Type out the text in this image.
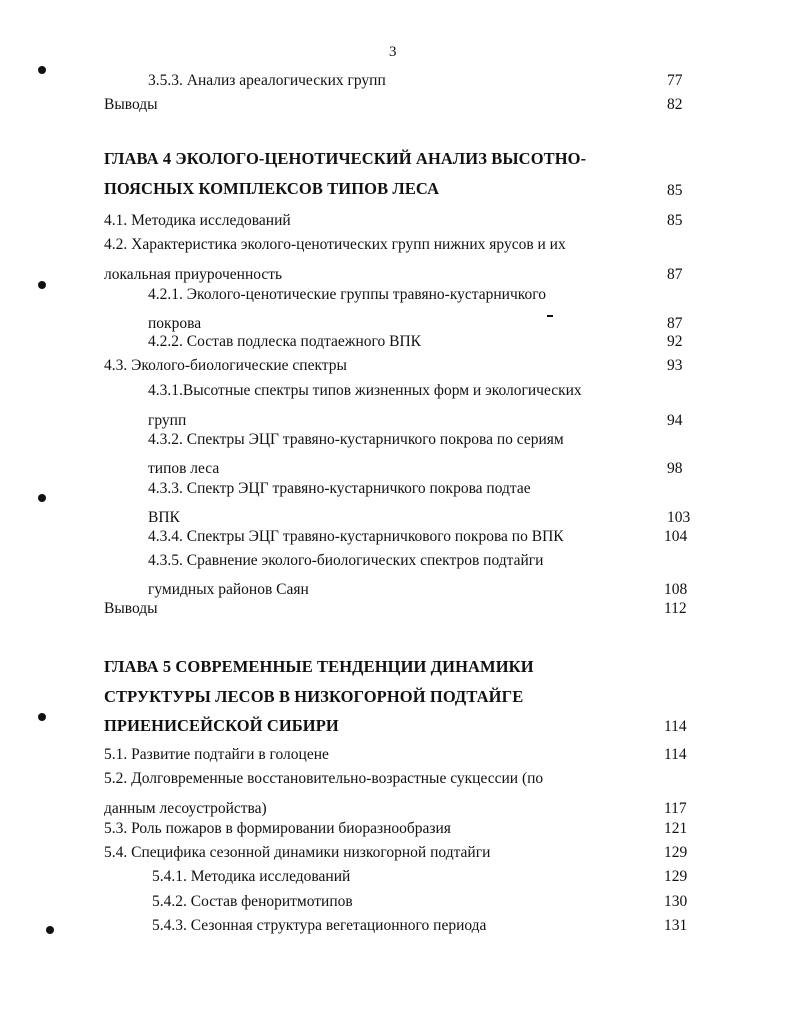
3
3.5.3. Анализ ареалогических групп	77
Выводы	82
ГЛАВА 4 ЭКОЛОГО-ЦЕНОТИЧЕСКИЙ АНАЛИЗ ВЫСОТНО-
ПОЯСНЫХ КОМПЛЕКСОВ ТИПОВ ЛЕСА	85
4.1. Методика исследований	85
4.2. Характеристика эколого-ценотических групп нижних ярусов и их
локальная приуроченность	87
4.2.1. Эколого-ценотические группы травяно-кустарничкого
покрова	87
4.2.2. Состав подлеска подтаежного ВПК	92
4.3. Эколого-биологические спектры	93
4.3.1.Высотные спектры типов жизненных форм и экологических
групп	94
4.3.2. Спектры ЭЦГ травяно-кустарничкого покрова по сериям
типов леса	98
4.3.3. Спектр ЭЦГ травяно-кустарничкого покрова подтае
ВПК	103
4.3.4. Спектры ЭЦГ травяно-кустарничкового покрова по ВПК	104
4.3.5. Сравнение эколого-биологических спектров подтайги
гумидных районов Саян	108
Выводы	112
ГЛАВА 5 СОВРЕМЕННЫЕ ТЕНДЕНЦИИ ДИНАМИКИ
СТРУКТУРЫ ЛЕСОВ В НИЗКОГОРНОЙ ПОДТАЙГЕ
ПРИЕНИСЕЙСКОЙ СИБИРИ	114
5.1. Развитие подтайги в голоцене	114
5.2. Долговременные восстановительно-возрастные сукцессии (по
данным лесоустройства)	117
5.3. Роль пожаров в формировании биоразнообразия	121
5.4. Специфика сезонной динамики низкогорной подтайги	129
5.4.1. Методика исследований	129
5.4.2. Состав феноритмотипов	130
5.4.3. Сезонная структура вегетационного периода	131
